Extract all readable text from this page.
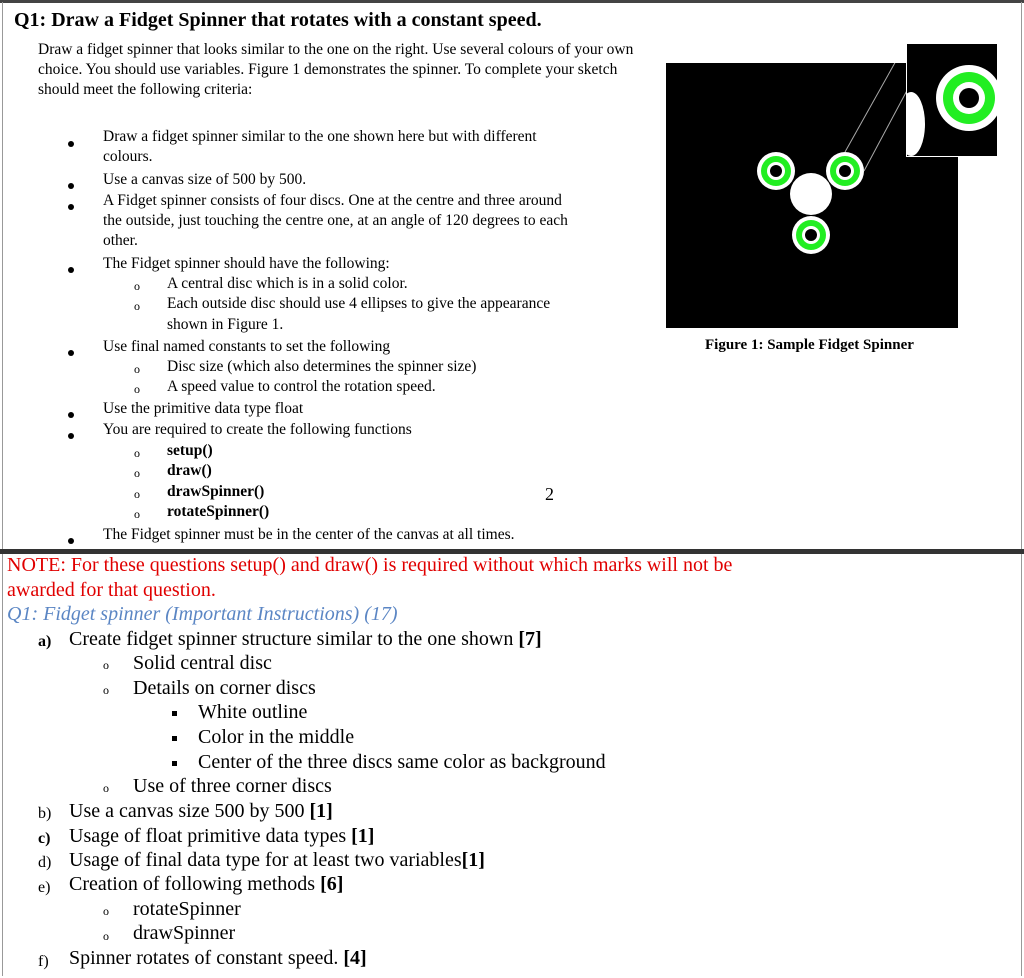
Q1: Draw a Fidget Spinner that rotates with a constant speed.
Draw a fidget spinner that looks similar to the one on the right. Use several colours of your own choice. You should use variables. Figure 1 demonstrates the spinner. To complete your sketch should meet the following criteria:
Draw a fidget spinner similar to the one shown here but with different
colours.
Use a canvas size of 500 by 500.
A Fidget spinner consists of four discs. One at the centre and three around
the outside, just touching the centre one, at an angle of 120 degrees to each
other.
The Fidget spinner should have the following:
o A central disc which is in a solid color.
o Each outside disc should use 4 ellipses to give the appearance
shown in Figure 1.
Use final named constants to set the following
o Disc size (which also determines the spinner size)
o A speed value to control the rotation speed.
Use the primitive data type float
You are required to create the following functions
o setup()
o draw()
o drawSpinner()
o rotateSpinner()
The Fidget spinner must be in the center of the canvas at all times.
Figure 1: Sample Fidget Spinner
2
NOTE: For these questions setup() and draw() is required without which marks will not be
awarded for that question.
Q1: Fidget spinner (Important Instructions) (17)
a) Create fidget spinner structure similar to the one shown [7]
o Solid central disc
o Details on corner discs
White outline
Color in the middle
Center of the three discs same color as background
o Use of three corner discs
b) Use a canvas size 500 by 500 [1]
c) Usage of float primitive data types [1]
d) Usage of final data type for at least two variables[1]
e) Creation of following methods [6]
o rotateSpinner
o drawSpinner
f) Spinner rotates of constant speed. [4]
